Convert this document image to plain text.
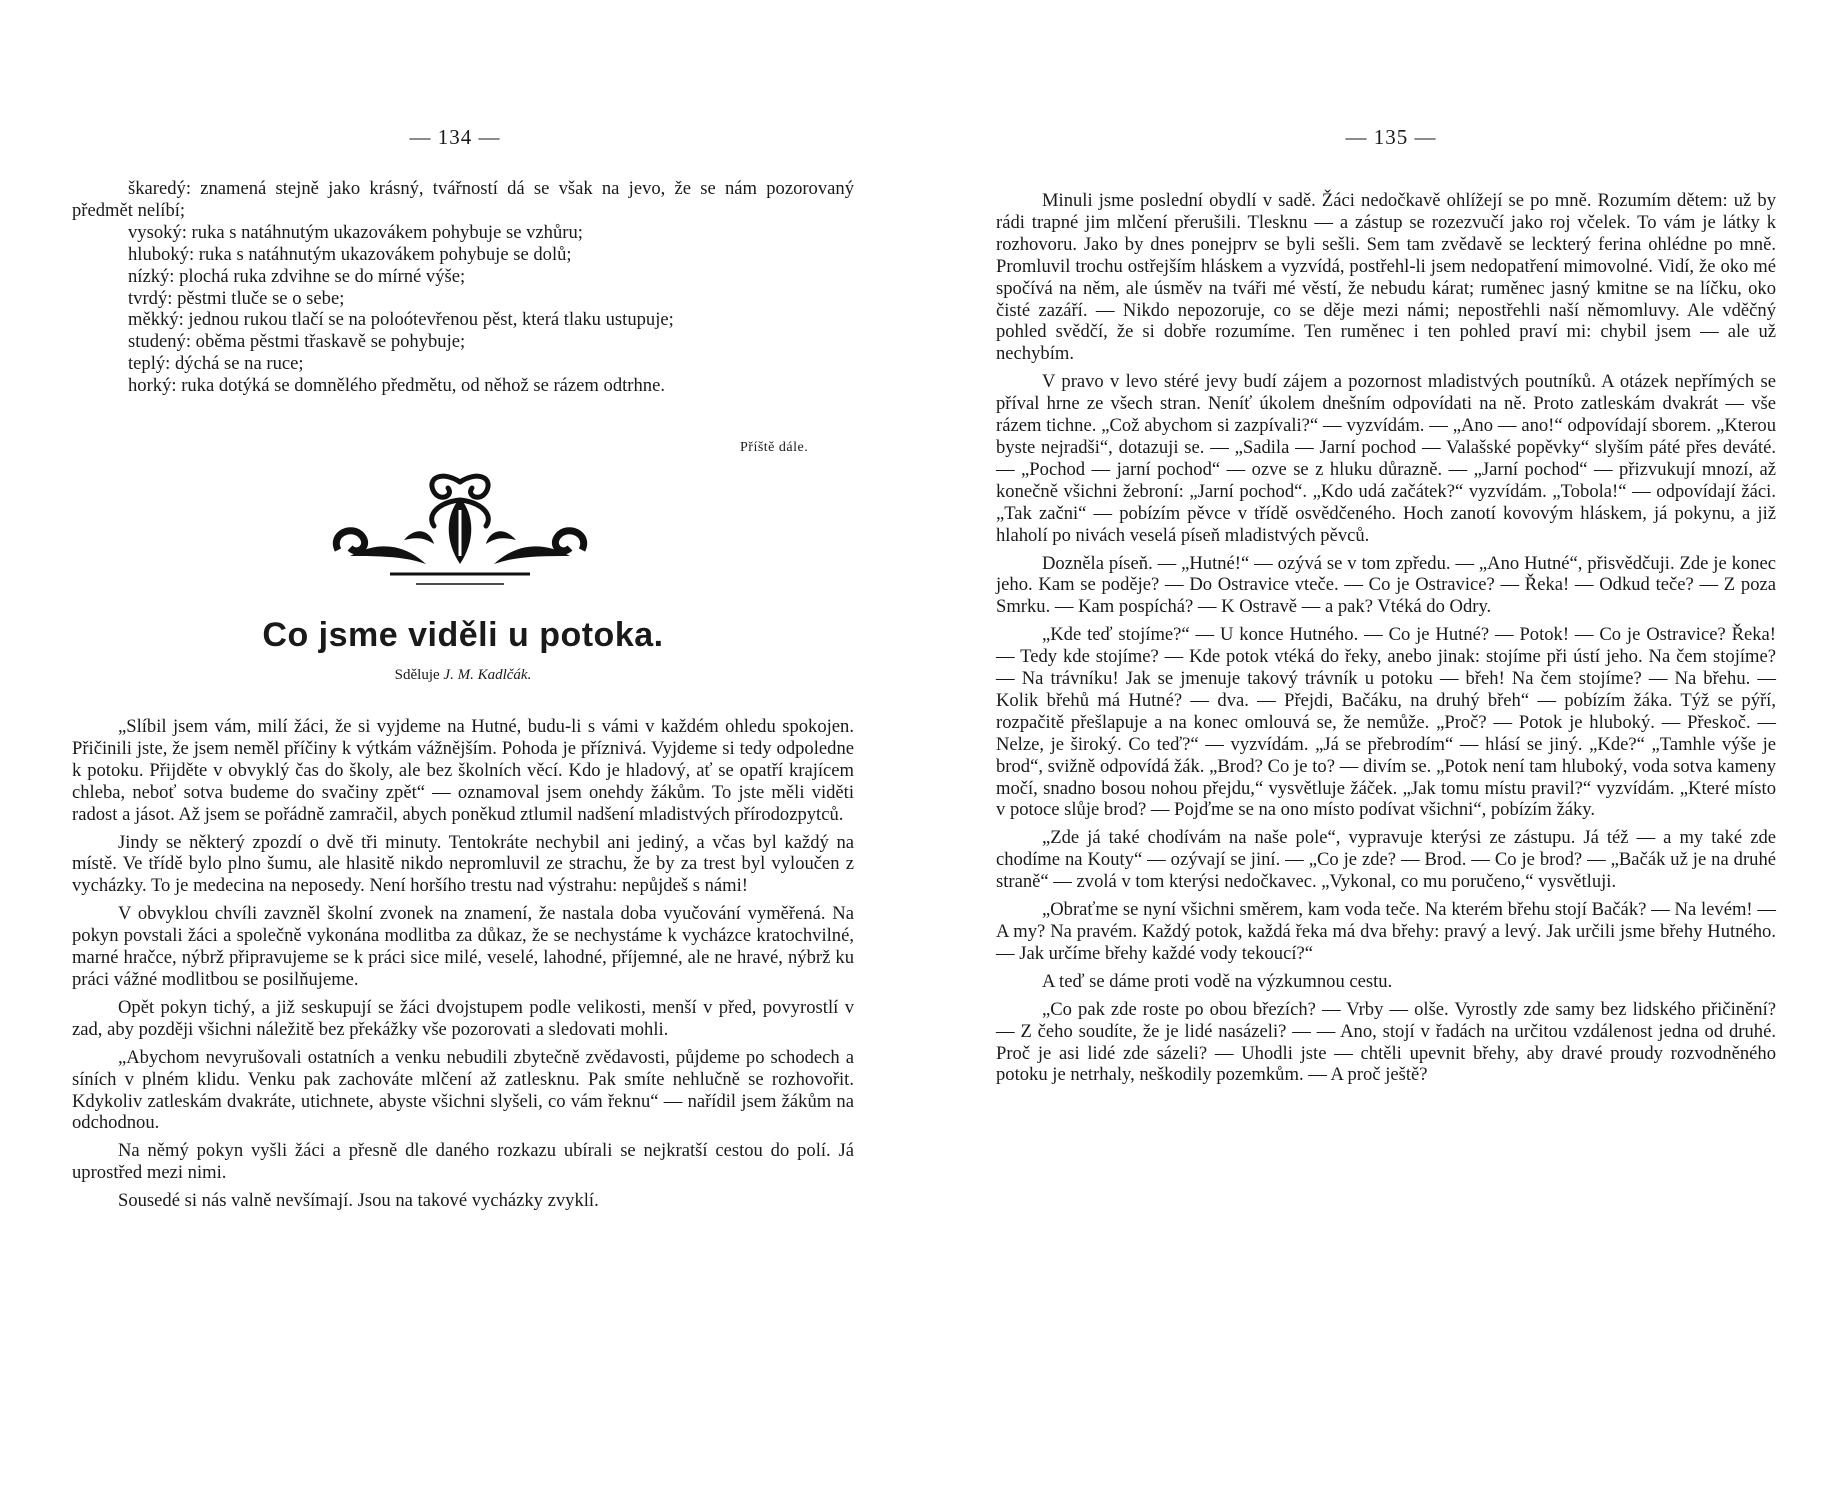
— 134 —

škaredý: znamená stejně jako krásný, tvářností dá se však na jevo, že se nám pozorovaný předmět nelíbí;

vysoký: ruka s natáhnutým ukazovákem pohybuje se vzhůru;

hluboký: ruka s natáhnutým ukazovákem pohybuje se dolů;

nízký: plochá ruka zdvihne se do mírné výše;

tvrdý: pěstmi tluče se o sebe;

měkký: jednou rukou tlačí se na poloótevřenou pěst, která tlaku ustupuje;

studený: oběma pěstmi třaskavě se pohybuje;

teplý: dýchá se na ruce;

horký: ruka dotýká se domnělého předmětu, od něhož se rázem odtrhne.

Příště dále.
Co jsme viděli u potoka.
Sděluje J. M. Kadlčák.

„Slíbil jsem vám, milí žáci, že si vyjdeme na Hutné, budu-li s vámi v každém ohledu spokojen. Přičinili jste, že jsem neměl příčiny k výtkám vážnějším. Pohoda je příznivá. Vyjdeme si tedy odpoledne k potoku. Přijděte v obvyklý čas do školy, ale bez školních věcí. Kdo je hladový, ať se opatří krajícem chleba, neboť sotva budeme do svačiny zpět“ — oznamoval jsem onehdy žákům. To jste měli viděti radost a jásot. Až jsem se pořádně zamračil, abych poněkud ztlumil nadšení mladistvých přírodozpytců.

Jindy se některý zpozdí o dvě tři minuty. Tentokráte nechybil ani jediný, a včas byl každý na místě. Ve třídě bylo plno šumu, ale hlasitě nikdo nepromluvil ze strachu, že by za trest byl vyloučen z vycházky. To je medecina na neposedy. Není horšího trestu nad výstrahu: nepůjdeš s námi!

V obvyklou chvíli zavzněl školní zvonek na znamení, že nastala doba vyučování vyměřená. Na pokyn povstali žáci a společně vykonána modlitba za důkaz, že se nechystáme k vycházce kratochvilné, marné hračce, nýbrž připravujeme se k práci sice milé, veselé, lahodné, příjemné, ale ne hravé, nýbrž ku práci vážné modlitbou se posilňujeme.

Opět pokyn tichý, a již seskupují se žáci dvojstupem podle velikosti, menší v před, povyrostlí v zad, aby později všichni náležitě bez překážky vše pozorovati a sledovati mohli.

„Abychom nevyrušovali ostatních a venku nebudili zbytečně zvědavosti, půjdeme po schodech a síních v plném klidu. Venku pak zachováte mlčení až zatlesknu. Pak smíte nehlučně se rozhovořit. Kdykoliv zatleskám dvakráte, utichnete, abyste všichni slyšeli, co vám řeknu“ — nařídil jsem žákům na odchodnou.

Na němý pokyn vyšli žáci a přesně dle daného rozkazu ubírali se nejkratší cestou do polí. Já uprostřed mezi nimi.

Sousedé si nás valně nevšímají. Jsou na takové vycházky zvyklí.

— 135 —

Minuli jsme poslední obydlí v sadě. Žáci nedočkavě ohlížejí se po mně. Rozumím dětem: už by rádi trapné jim mlčení přerušili. Tlesknu — a zástup se rozezvučí jako roj včelek. To vám je látky k rozhovoru. Jako by dnes ponejprv se byli sešli. Sem tam zvědavě se leckterý ferina ohlédne po mně. Promluvil trochu ostřejším hláskem a vyzvídá, postřehl-li jsem nedopatření mimovolné. Vidí, že oko mé spočívá na něm, ale úsměv na tváři mé věstí, že nebudu kárat; ruměnec jasný kmitne se na líčku, oko čisté zazáří. — Nikdo nepozoruje, co se děje mezi námi; nepostřehli naší němomluvy. Ale vděčný pohled svědčí, že si dobře rozumíme. Ten ruměnec i ten pohled praví mi: chybil jsem — ale už nechybím.

V pravo v levo stéré jevy budí zájem a pozornost mladistvých poutníků. A otázek nepřímých se příval hrne ze všech stran. Neníť úkolem dnešním odpovídati na ně. Proto zatleskám dvakrát — vše rázem tichne. „Což abychom si zazpívali?“ — vyzvídám. — „Ano — ano!“ odpovídají sborem. „Kterou byste nejradši“, dotazuji se. — „Sadila — Jarní pochod — Valašské popěvky“ slyším páté přes deváté. — „Pochod — jarní pochod“ — ozve se z hluku důrazně. — „Jarní pochod“ — přizvukují mnozí, až konečně všichni žebroní: „Jarní pochod“. „Kdo udá začátek?“ vyzvídám. „Tobola!“ — odpovídají žáci. „Tak začni“ — pobízím pěvce v třídě osvědčeného. Hoch zanotí kovovým hláskem, já pokynu, a již hlaholí po nivách veselá píseň mladistvých pěvců.

Dozněla píseň. — „Hutné!“ — ozývá se v tom zpředu. — „Ano Hutné“, přisvědčuji. Zde je konec jeho. Kam se poděje? — Do Ostravice vteče. — Co je Ostravice? — Řeka! — Odkud teče? — Z poza Smrku. — Kam pospíchá? — K Ostravě — a pak? Vtéká do Odry.

„Kde teď stojíme?“ — U konce Hutného. — Co je Hutné? — Potok! — Co je Ostravice? Řeka! — Tedy kde stojíme? — Kde potok vtéká do řeky, anebo jinak: stojíme při ústí jeho. Na čem stojíme? — Na trávníku! Jak se jmenuje takový trávník u potoku — břeh! Na čem stojíme? — Na břehu. — Kolik břehů má Hutné? — dva. — Přejdi, Bačáku, na druhý břeh“ — pobízím žáka. Týž se pýří, rozpačitě přešlapuje a na konec omlouvá se, že nemůže. „Proč? — Potok je hluboký. — Přeskoč. — Nelze, je široký. Co teď?“ — vyzvídám. „Já se přebrodím“ — hlásí se jiný. „Kde?“ „Tamhle výše je brod“, svižně odpovídá žák. „Brod? Co je to? — divím se. „Potok není tam hluboký, voda sotva kameny močí, snadno bosou nohou přejdu,“ vysvětluje žáček. „Jak tomu místu pravil?“ vyzvídám. „Které místo v potoce slůje brod? — Pojďme se na ono místo podívat všichni“, pobízím žáky.

„Zde já také chodívám na naše pole“, vypravuje kterýsi ze zástupu. Já též — a my také zde chodíme na Kouty“ — ozývají se jiní. — „Co je zde? — Brod. — Co je brod? — „Bačák už je na druhé straně“ — zvolá v tom kterýsi nedočkavec. „Vykonal, co mu poručeno,“ vysvětluji.

„Obraťme se nyní všichni směrem, kam voda teče. Na kterém břehu stojí Bačák? — Na levém! — A my? Na pravém. Každý potok, každá řeka má dva břehy: pravý a levý. Jak určili jsme břehy Hutného. — Jak určíme břehy každé vody tekoucí?“

A teď se dáme proti vodě na výzkumnou cestu.

„Co pak zde roste po obou březích? — Vrby — olše. Vyrostly zde samy bez lidského přičinění? — Z čeho soudíte, že je lidé nasázeli? — — Ano, stojí v řadách na určitou vzdálenost jedna od druhé. Proč je asi lidé zde sázeli? — Uhodli jste — chtěli upevnit břehy, aby dravé proudy rozvodněného potoku je netrhaly, neškodily pozemkům. — A proč ještě?
